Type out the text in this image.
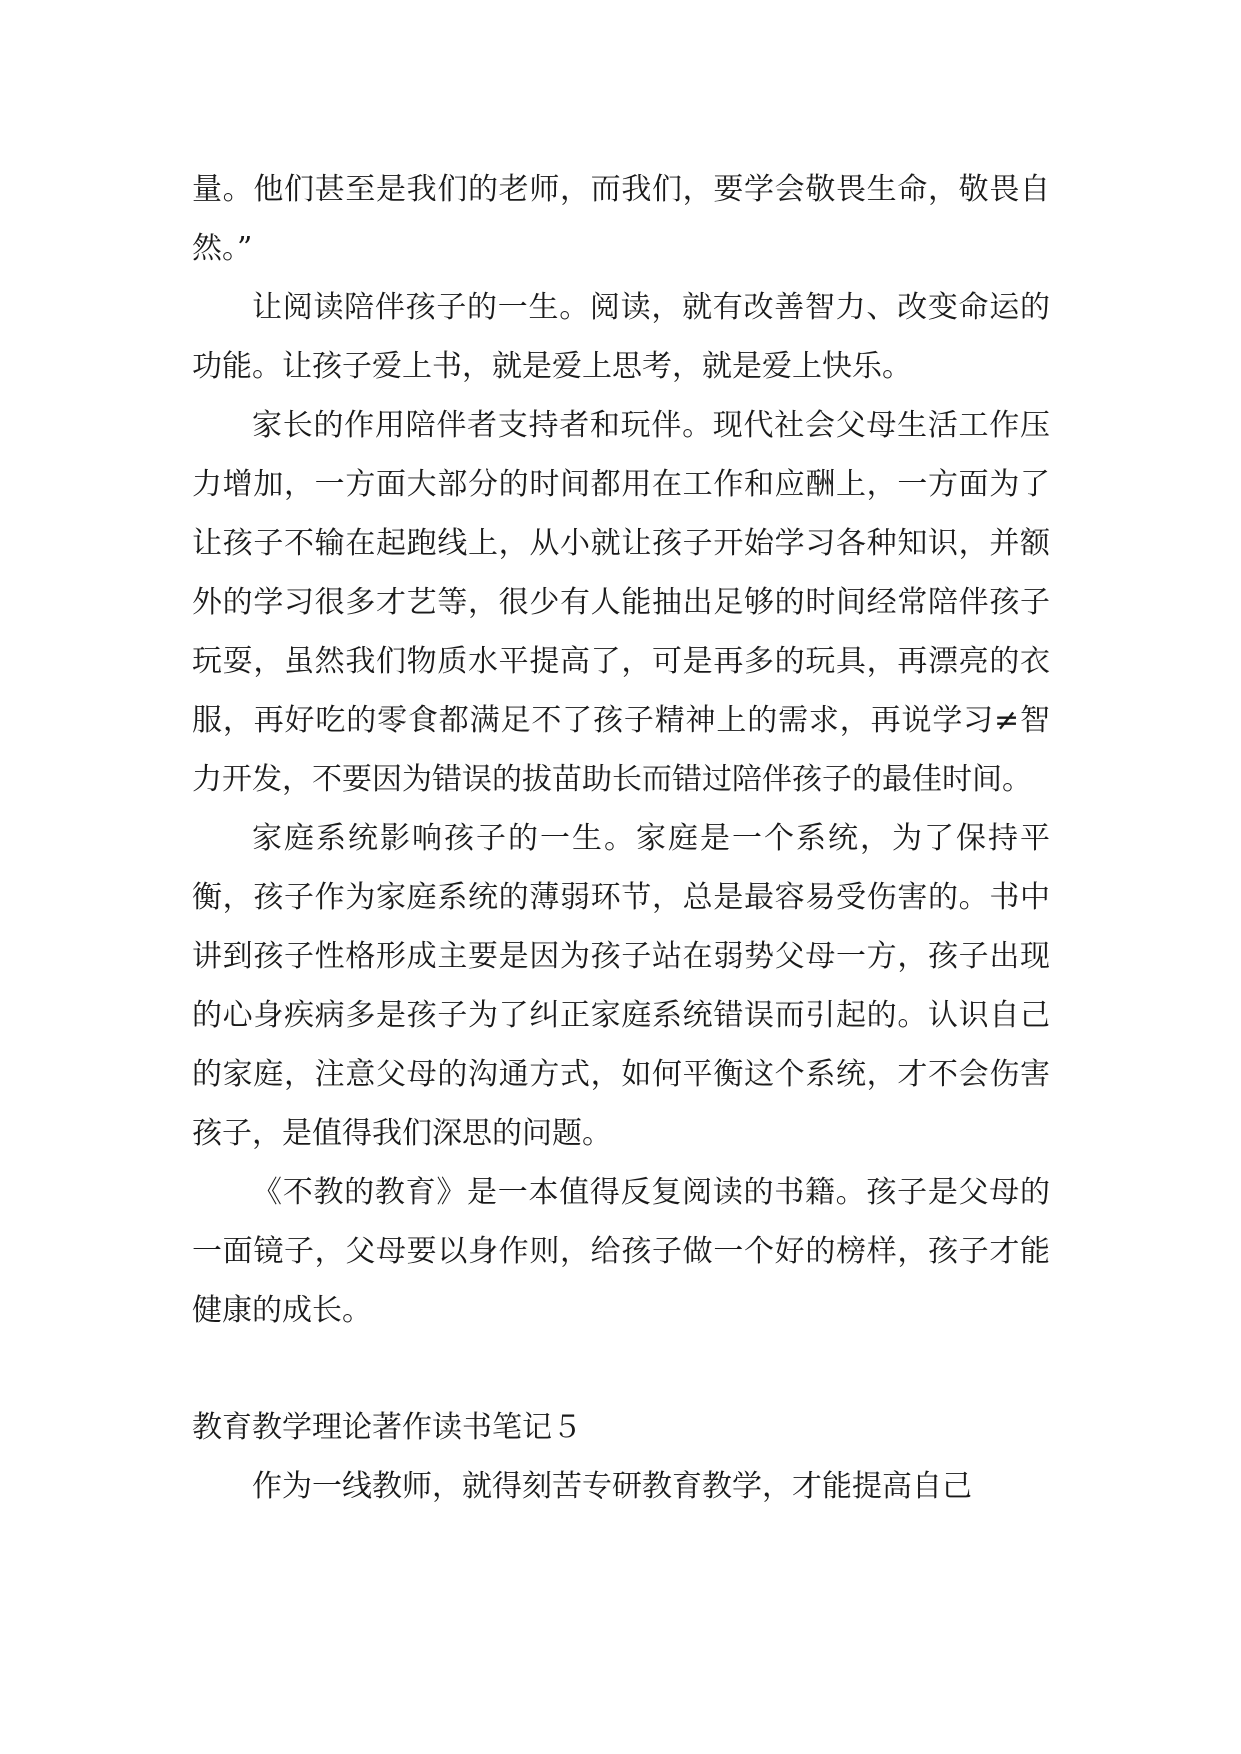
量。他们甚至是我们的老师，而我们，要学会敬畏生命，敬畏自然。”

让阅读陪伴孩子的一生。阅读，就有改善智力、改变命运的功能。让孩子爱上书，就是爱上思考，就是爱上快乐。

家长的作用陪伴者支持者和玩伴。现代社会父母生活工作压力增加，一方面大部分的时间都用在工作和应酬上，一方面为了让孩子不输在起跑线上，从小就让孩子开始学习各种知识，并额外的学习很多才艺等，很少有人能抽出足够的时间经常陪伴孩子玩耍，虽然我们物质水平提高了，可是再多的玩具，再漂亮的衣服，再好吃的零食都满足不了孩子精神上的需求，再说学习≠智力开发，不要因为错误的拔苗助长而错过陪伴孩子的最佳时间。

家庭系统影响孩子的一生。家庭是一个系统，为了保持平衡，孩子作为家庭系统的薄弱环节，总是最容易受伤害的。书中讲到孩子性格形成主要是因为孩子站在弱势父母一方，孩子出现的心身疾病多是孩子为了纠正家庭系统错误而引起的。认识自己的家庭，注意父母的沟通方式，如何平衡这个系统，才不会伤害孩子，是值得我们深思的问题。

《不教的教育》是一本值得反复阅读的书籍。孩子是父母的一面镜子，父母要以身作则，给孩子做一个好的榜样，孩子才能健康的成长。

教育教学理论著作读书笔记５

作为一线教师，就得刻苦专研教育教学，才能提高自己
